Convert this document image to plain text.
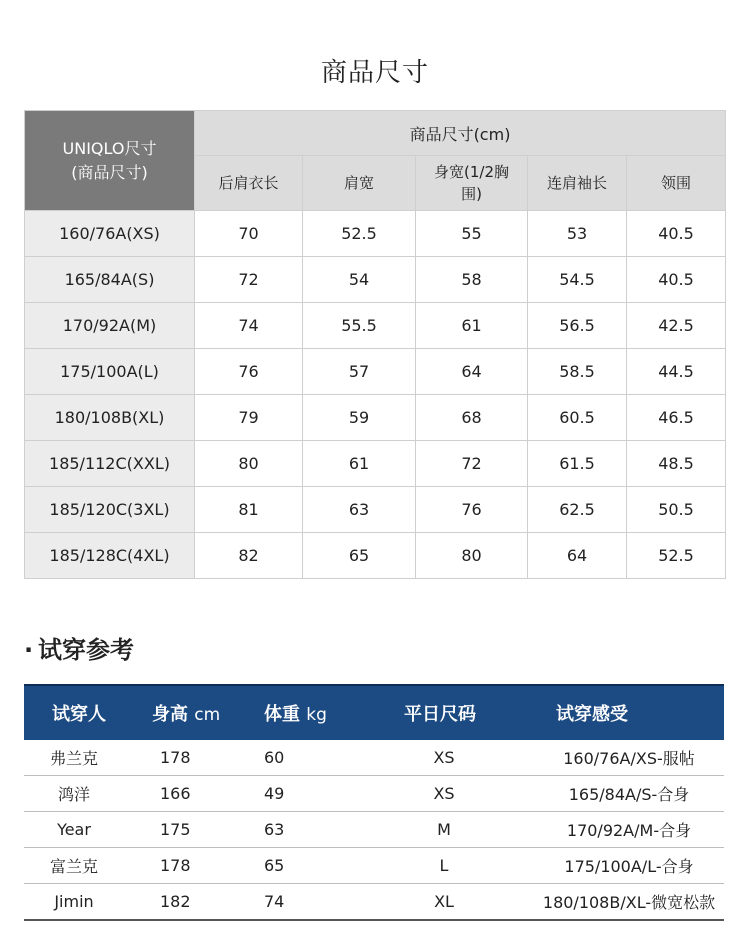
商品尺寸
UNIQLO尺寸
(商品尺寸)	商品尺寸(cm)				
	后肩衣长	肩宽	身宽(1/2胸围)	连肩袖长	领围
160/76A(XS)	70	52.5	55	53	40.5
165/84A(S)	72	54	58	54.5	40.5
170/92A(M)	74	55.5	61	56.5	42.5
175/100A(L)	76	57	64	58.5	44.5
180/108B(XL)	79	59	68	60.5	46.5
185/112C(XXL)	80	61	72	61.5	48.5
185/120C(3XL)	81	63	76	62.5	50.5
185/128C(4XL)	82	65	80	64	52.5
· 试穿参考
试穿人	身高 cm	体重 kg	平日尺码	试穿感受
弗兰克	178	60	XS	160/76A/XS-服帖
鸿洋	166	49	XS	165/84A/S-合身
Year	175	63	M	170/92A/M-合身
富兰克	178	65	L	175/100A/L-合身
Jimin	182	74	XL	180/108B/XL-微宽松款
